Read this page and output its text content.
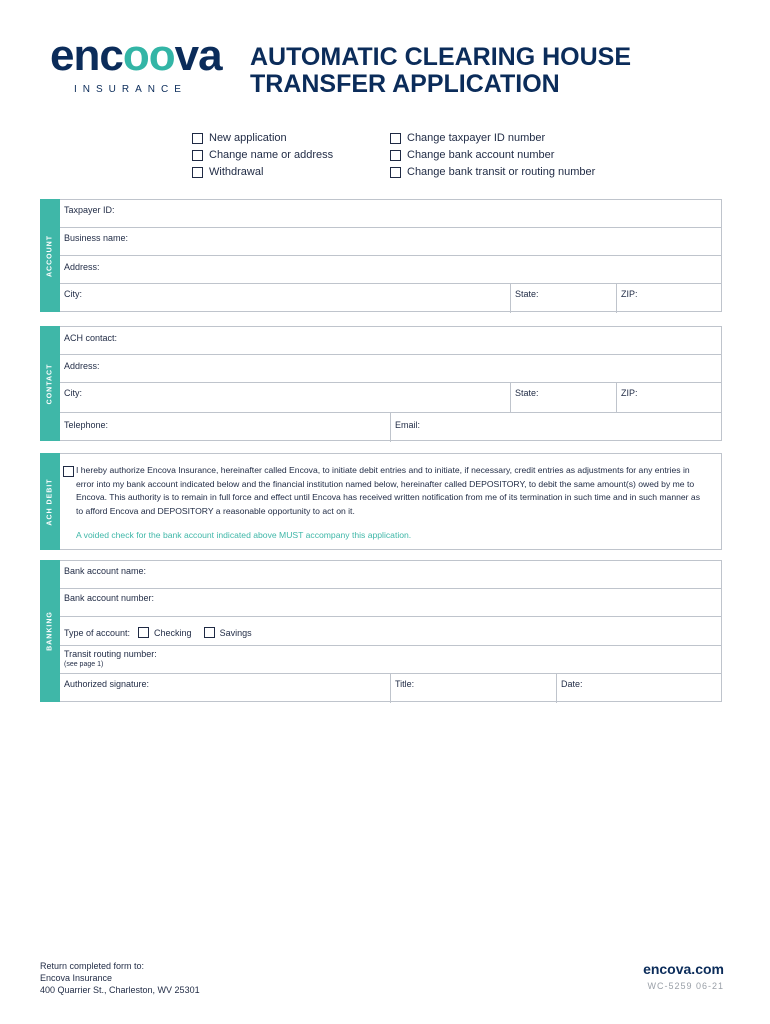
encoova
INSURANCE
AUTOMATIC CLEARING HOUSE TRANSFER APPLICATION
New application
Change name or address
Withdrawal
Change taxpayer ID number
Change bank account number
Change bank transit or routing number
ACCOUNT
Taxpayer ID:
Business name:
Address:
City:	State:	ZIP:
CONTACT
ACH contact:
Address:
City:	State:	ZIP:
Telephone:	Email:
ACH DEBIT
I hereby authorize Encova Insurance, hereinafter called Encova, to initiate debit entries and to initiate, if necessary, credit entries as adjustments for any entries in error into my bank account indicated below and the financial institution named below, hereinafter called DEPOSITORY, to debit the same amount(s) owed by me to Encova. This authority is to remain in full force and effect until Encova has received written notification from me of its termination in such time and in such manner as to afford Encova and DEPOSITORY a reasonable opportunity to act on it.
A voided check for the bank account indicated above MUST accompany this application.
BANKING
Bank account name:
Bank account number:
Type of account:	Checking	Savings
Transit routing number:
(see page 1)
Authorized signature:	Title:	Date:
Return completed form to:
Encova Insurance
400 Quarrier St., Charleston, WV 25301
encova.com
WC-5259 06-21
